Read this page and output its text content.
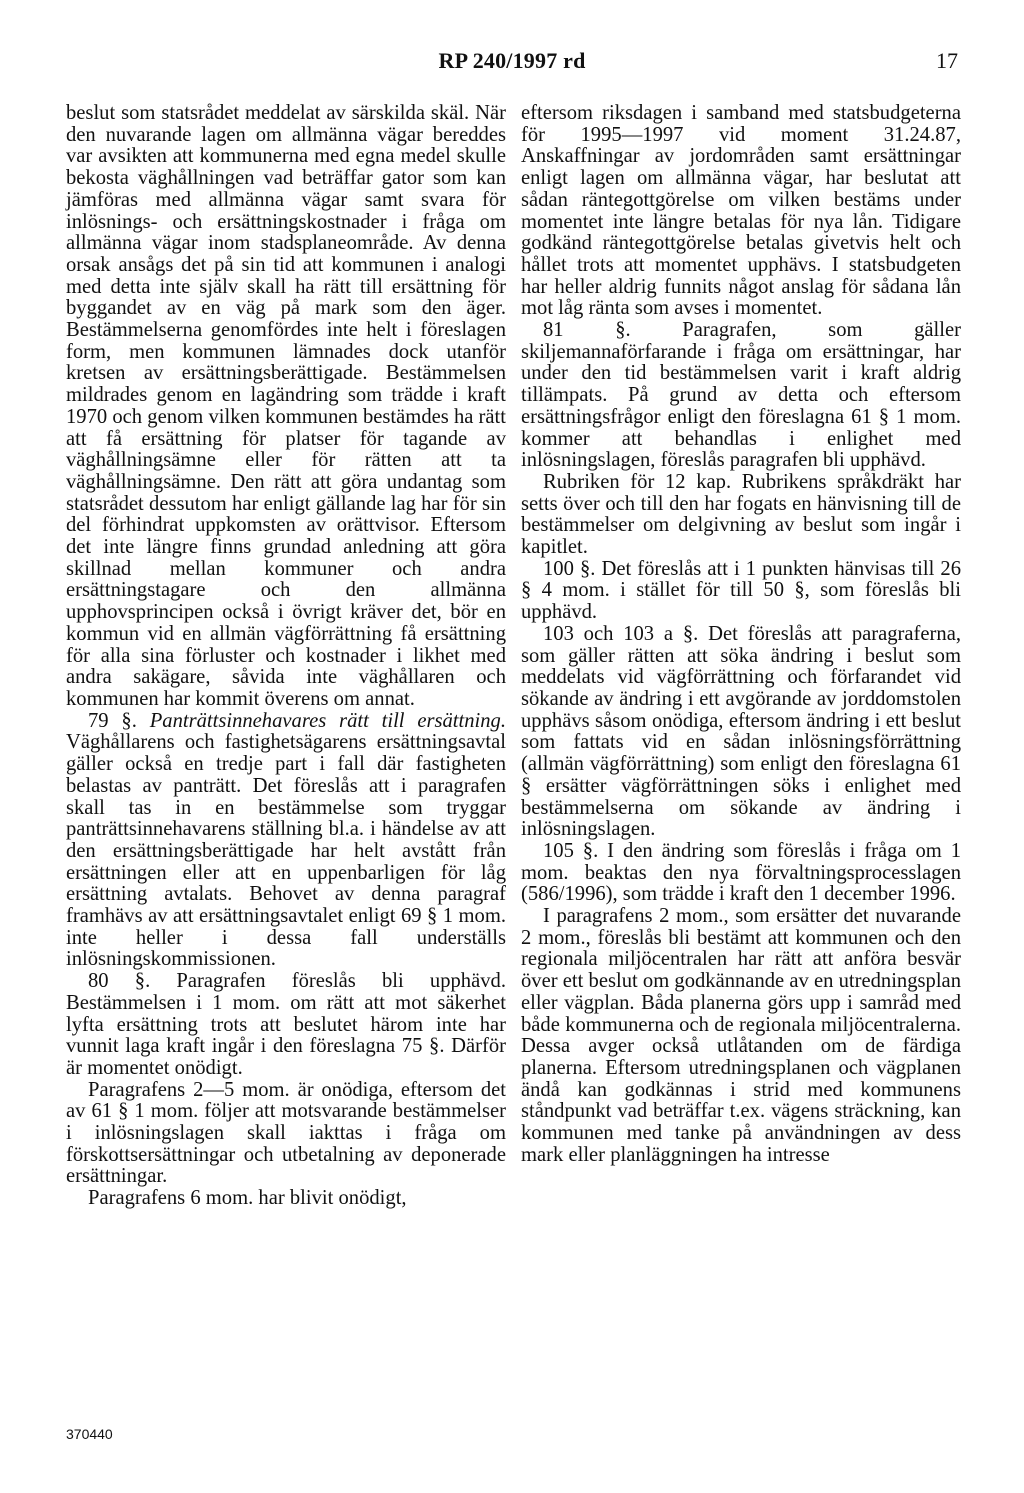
RP 240/1997 rd	17

beslut som statsrådet meddelat av särskilda skäl. När den nuvarande lagen om allmänna vägar bereddes var avsikten att kommunerna med egna medel skulle bekosta väghållningen vad beträffar gator som kan jämföras med allmänna vägar samt svara för inlösnings- och ersättningskostnader i fråga om allmänna vägar inom stadsplaneområde. Av denna orsak ansågs det på sin tid att kommunen i analogi med detta inte själv skall ha rätt till ersättning för byggandet av en väg på mark som den äger. Bestämmelserna genomfördes inte helt i föreslagen form, men kommunen lämnades dock utanför kretsen av ersättningsberättigade. Bestämmelsen mildrades genom en lagändring som trädde i kraft 1970 och genom vilken kommunen bestämdes ha rätt att få ersättning för platser för tagande av väghållningsämne eller för rätten att ta väghållningsämne. Den rätt att göra undantag som statsrådet dessutom har enligt gällande lag har för sin del förhindrat uppkomsten av orättvisor. Eftersom det inte längre finns grundad anledning att göra skillnad mellan kommuner och andra ersättningstagare och den allmänna upphovsprincipen också i övrigt kräver det, bör en kommun vid en allmän vägförrättning få ersättning för alla sina förluster och kostnader i likhet med andra sakägare, såvida inte väghållaren och kommunen har kommit överens om annat.

79 §. Panträttsinnehavares rätt till ersättning. Väghållarens och fastighetsägarens ersättningsavtal gäller också en tredje part i fall där fastigheten belastas av panträtt. Det föreslås att i paragrafen skall tas in en bestämmelse som tryggar panträttsinnehavarens ställning bl.a. i händelse av att den ersättningsberättigade har helt avstått från ersättningen eller att en uppenbarligen för låg ersättning avtalats. Behovet av denna paragraf framhävs av att ersättningsavtalet enligt 69 § 1 mom. inte heller i dessa fall underställs inlösningskommissionen.

80 §. Paragrafen föreslås bli upphävd. Bestämmelsen i 1 mom. om rätt att mot säkerhet lyfta ersättning trots att beslutet härom inte har vunnit laga kraft ingår i den föreslagna 75 §. Därför är momentet onödigt.

Paragrafens 2—5 mom. är onödiga, eftersom det av 61 § 1 mom. följer att motsvarande bestämmelser i inlösningslagen skall iakttas i fråga om förskottsersättningar och utbetalning av deponerade ersättningar.

Paragrafens 6 mom. har blivit onödigt,

eftersom riksdagen i samband med statsbudgeterna för 1995—1997 vid moment 31.24.87, Anskaffningar av jordområden samt ersättningar enligt lagen om allmänna vägar, har beslutat att sådan räntegottgörelse om vilken bestäms under momentet inte längre betalas för nya lån. Tidigare godkänd räntegottgörelse betalas givetvis helt och hållet trots att momentet upphävs. I statsbudgeten har heller aldrig funnits något anslag för sådana lån mot låg ränta som avses i momentet.

81 §. Paragrafen, som gäller skiljemannaförfarande i fråga om ersättningar, har under den tid bestämmelsen varit i kraft aldrig tillämpats. På grund av detta och eftersom ersättningsfrågor enligt den föreslagna 61 § 1 mom. kommer att behandlas i enlighet med inlösningslagen, föreslås paragrafen bli upphävd.

Rubriken för 12 kap. Rubrikens språkdräkt har setts över och till den har fogats en hänvisning till de bestämmelser om delgivning av beslut som ingår i kapitlet.

100 §. Det föreslås att i 1 punkten hänvisas till 26 § 4 mom. i stället för till 50 §, som föreslås bli upphävd.

103 och 103 a §. Det föreslås att paragraferna, som gäller rätten att söka ändring i beslut som meddelats vid vägförrättning och förfarandet vid sökande av ändring i ett avgörande av jorddomstolen upphävs såsom onödiga, eftersom ändring i ett beslut som fattats vid en sådan inlösningsförrättning (allmän vägförrättning) som enligt den föreslagna 61 § ersätter vägförrättningen söks i enlighet med bestämmelserna om sökande av ändring i inlösningslagen.

105 §. I den ändring som föreslås i fråga om 1 mom. beaktas den nya förvaltningsprocesslagen (586/1996), som trädde i kraft den 1 december 1996.

I paragrafens 2 mom., som ersätter det nuvarande 2 mom., föreslås bli bestämt att kommunen och den regionala miljöcentralen har rätt att anföra besvär över ett beslut om godkännande av en utredningsplan eller vägplan. Båda planerna görs upp i samråd med både kommunerna och de regionala miljöcentralerna. Dessa avger också utlåtanden om de färdiga planerna. Eftersom utredningsplanen och vägplanen ändå kan godkännas i strid med kommunens ståndpunkt vad beträffar t.ex. vägens sträckning, kan kommunen med tanke på användningen av dess mark eller planläggningen ha intresse

370440
